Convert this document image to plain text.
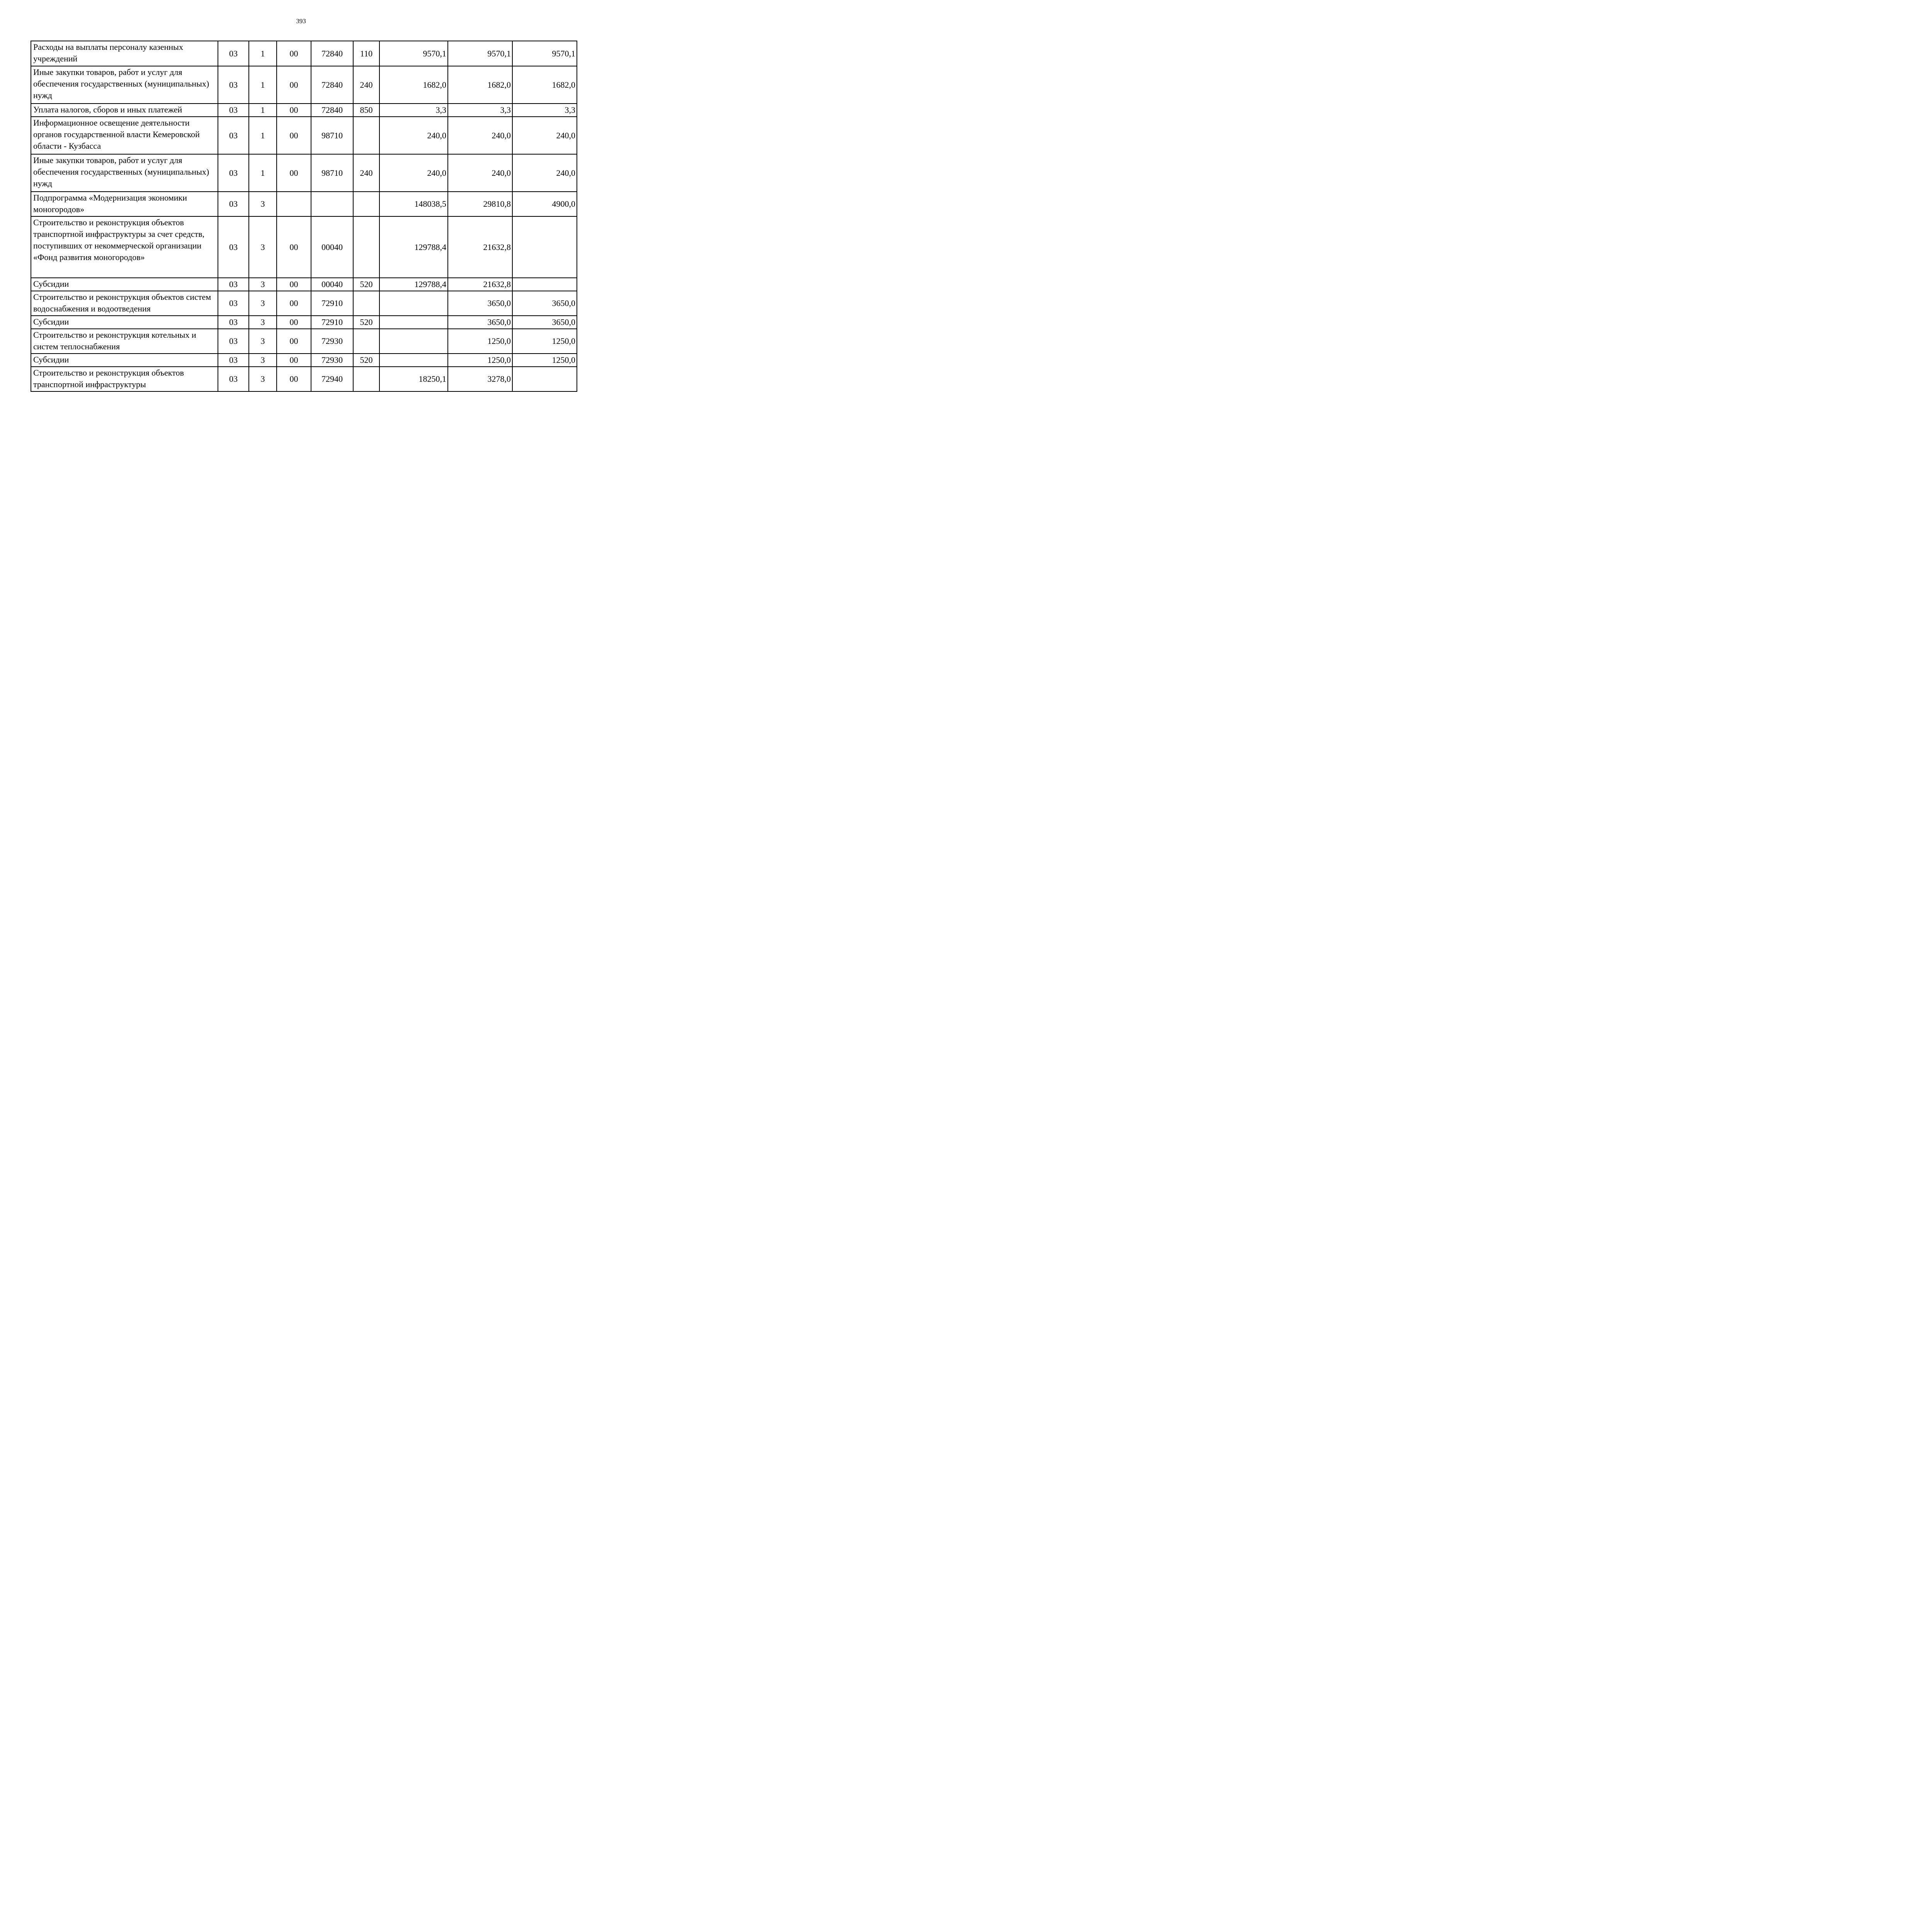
393
Расходы на выплаты персоналу казенных учреждений	03	1	00	72840	110	9570,1	9570,1	9570,1
Иные закупки товаров, работ и услуг для обеспечения государственных (муниципальных) нужд	03	1	00	72840	240	1682,0	1682,0	1682,0
Уплата налогов, сборов и иных платежей	03	1	00	72840	850	3,3	3,3	3,3
Информационное освещение деятельности органов государственной власти Кемеровской области - Кузбасса	03	1	00	98710		240,0	240,0	240,0
Иные закупки товаров, работ и услуг для обеспечения государственных (муниципальных) нужд	03	1	00	98710	240	240,0	240,0	240,0
Подпрограмма «Модернизация экономики моногородов»	03	3				148038,5	29810,8	4900,0
Строительство и реконструкция объектов транспортной инфраструктуры за счет средств, поступивших от некоммерческой организации «Фонд развития моногородов»	03	3	00	00040		129788,4	21632,8	
Субсидии	03	3	00	00040	520	129788,4	21632,8	
Строительство и реконструкция объектов систем водоснабжения и водоотведения	03	3	00	72910			3650,0	3650,0
Субсидии	03	3	00	72910	520		3650,0	3650,0
Строительство и реконструкция котельных и систем теплоснабжения	03	3	00	72930			1250,0	1250,0
Субсидии	03	3	00	72930	520		1250,0	1250,0
Строительство и реконструкция объектов транспортной инфраструктуры	03	3	00	72940		18250,1	3278,0	
